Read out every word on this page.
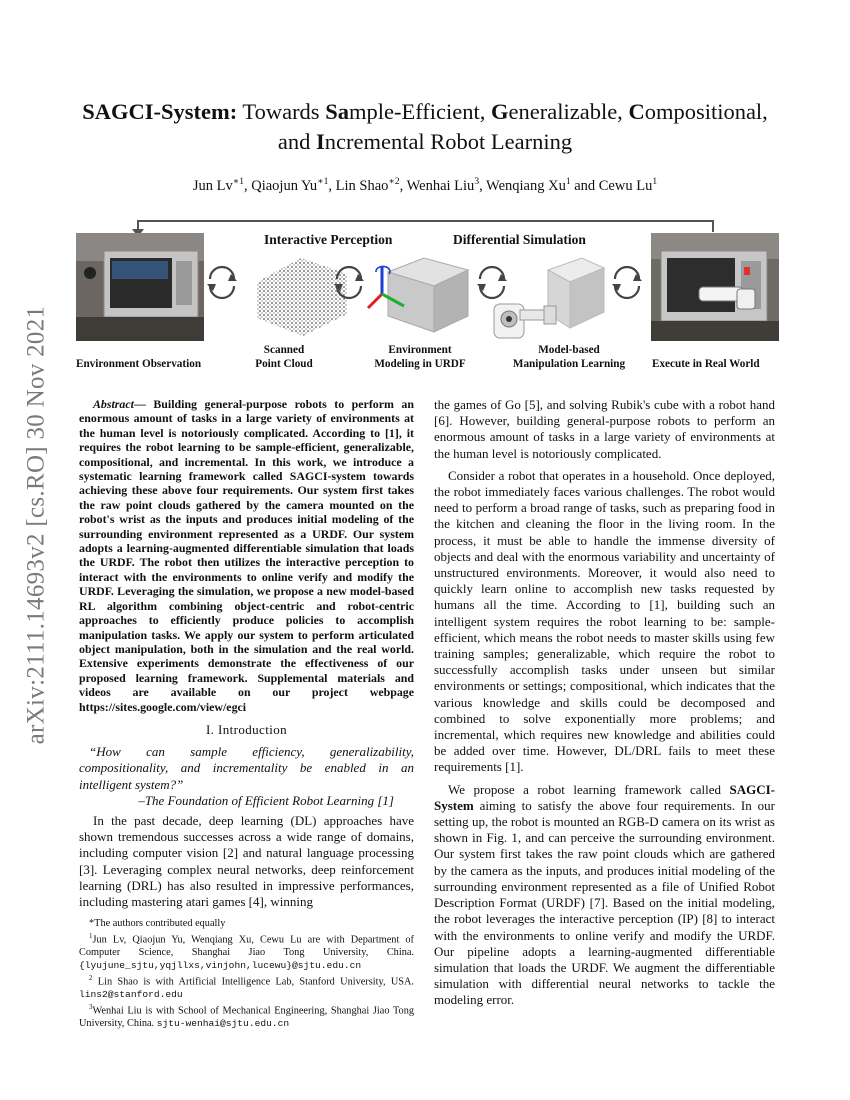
arXiv:2111.14693v2 [cs.RO] 30 Nov 2021
SAGCI-System: Towards Sample-Efficient, Generalizable, Compositional,
and Incremental Robot Learning
Jun $Lv^{∗1}$, Qiaojun $Yu^{∗1}$, Lin Shao$^{∗2}$, Wenhai Liu$^3$, Wenqiang Xu$^1$ and Cewu Lu$^1$
Interactive Perception	Differential Simulation
Environment Observation
Scanned
Point Cloud
Environment
Modeling in URDF
Model-based
Manipulation Learning	Execute in Real World

Abstract— Building general-purpose robots to perform an enormous amount of tasks in a large variety of environments at the human level is notoriously complicated. According to [1], it requires the robot learning to be sample-efficient, generalizable, compositional, and incremental. In this work, we introduce a systematic learning framework called SAGCI-system towards achieving these above four requirements. Our system first takes the raw point clouds gathered by the camera mounted on the robot's wrist as the inputs and produces initial modeling of the surrounding environment represented as a URDF. Our system adopts a learning-augmented differentiable simulation that loads the URDF. The robot then utilizes the interactive perception to interact with the environments to online verify and modify the URDF. Leveraging the simulation, we propose a new model-based RL algorithm combining object-centric and robot-centric approaches to efficiently produce policies to accomplish manipulation tasks. We apply our system to perform articulated object manipulation, both in the simulation and the real world. Extensive experiments demonstrate the effectiveness of our proposed learning framework. Supplemental materials and videos are available on our project webpage https://sites.google.com/view/egci

I. Introduction

“How can sample efficiency, generalizability, compositionality, and incrementality be enabled in an intelligent system?”

–The Foundation of Efficient Robot Learning [1]

In the past decade, deep learning (DL) approaches have shown tremendous successes across a wide range of domains, including computer vision [2] and natural language processing [3]. Leveraging complex neural networks, deep reinforcement learning (DRL) has also resulted in impressive performances, including mastering atari games [4], winning

*The authors contributed equally

$^1$Jun Lv, Qiaojun Yu, Wenqiang Xu, Cewu Lu are with Department of Computer Science, Shanghai Jiao Tong University, China. {lyujune_sjtu,yqjllxs,vinjohn,lucewu}@sjtu.edu.cn

$^2$ Lin Shao is with Artificial Intelligence Lab, Stanford University, USA. lins2@stanford.edu

$^3$Wenhai Liu is with School of Mechanical Engineering, Shanghai Jiao Tong University, China. sjtu-wenhai@sjtu.edu.cn

the games of Go [5], and solving Rubik's cube with a robot hand [6]. However, building general-purpose robots to perform an enormous amount of tasks in a large variety of environments at the human level is notoriously complicated.

Consider a robot that operates in a household. Once deployed, the robot immediately faces various challenges. The robot would need to perform a broad range of tasks, such as preparing food in the kitchen and cleaning the floor in the living room. In the process, it must be able to handle the immense diversity of objects and deal with the enormous variability and uncertainty of unstructured environments. Moreover, it would also need to quickly learn online to accomplish new tasks requested by humans all the time. According to [1], building such an intelligent system requires the robot learning to be: sample-efficient, which means the robot needs to master skills using few training samples; generalizable, which require the robot to successfully accomplish tasks under unseen but similar environments or settings; compositional, which indicates that the various knowledge and skills could be decomposed and combined to solve exponentially more problems; and incremental, which requires new knowledge and abilities could be added over time. However, DL/DRL fails to meet these requirements [1].

We propose a robot learning framework called SAGCI-System aiming to satisfy the above four requirements. In our setting up, the robot is mounted an RGB-D camera on its wrist as shown in Fig. 1, and can perceive the surrounding environment. Our system first takes the raw point clouds which are gathered by the camera as the inputs, and produces initial modeling of the surrounding environment represented as a file of Unified Robot Description Format (URDF) [7]. Based on the initial modeling, the robot leverages the interactive perception (IP) [8] to interact with the environments to online verify and modify the URDF. Our pipeline adopts a learning-augmented differentiable simulation that loads the URDF. We augment the differentiable simulation with differential neural networks to tackle the modeling error.
